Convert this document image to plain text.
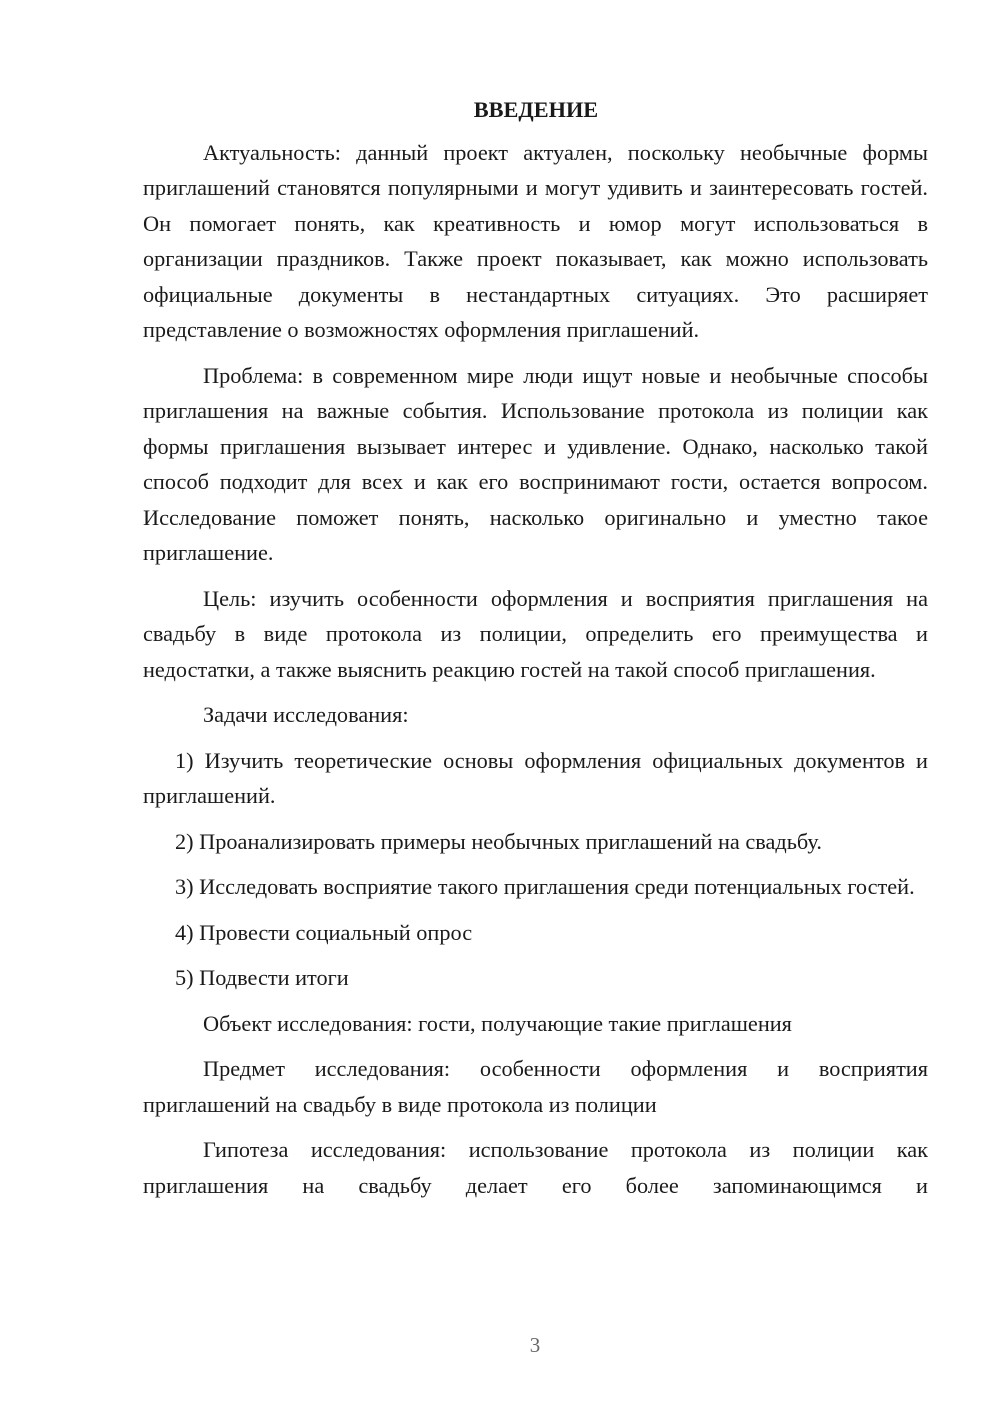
ВВЕДЕНИЕ

Актуальность: данный проект актуален, поскольку необычные формы приглашений становятся популярными и могут удивить и заинтересовать гостей. Он помогает понять, как креативность и юмор могут использоваться в организации праздников. Также проект показывает, как можно использовать официальные документы в нестандартных ситуациях. Это расширяет представление о возможностях оформления приглашений.

Проблема: в современном мире люди ищут новые и необычные способы приглашения на важные события. Использование протокола из полиции как формы приглашения вызывает интерес и удивление. Однако, насколько такой способ подходит для всех и как его воспринимают гости, остается вопросом. Исследование поможет понять, насколько оригинально и уместно такое приглашение.

Цель: изучить особенности оформления и восприятия приглашения на свадьбу в виде протокола из полиции, определить его преимущества и недостатки, а также выяснить реакцию гостей на такой способ приглашения.

Задачи исследования:

1) Изучить теоретические основы оформления официальных документов и приглашений.

2) Проанализировать примеры необычных приглашений на свадьбу.

3) Исследовать восприятие такого приглашения среди потенциальных гостей.

4) Провести социальный опрос

5) Подвести итоги

Объект исследования: гости, получающие такие приглашения

Предмет исследования: особенности оформления и восприятия приглашений на свадьбу в виде протокола из полиции

Гипотеза исследования: использование протокола из полиции как приглашения на свадьбу делает его более запоминающимся и

3
